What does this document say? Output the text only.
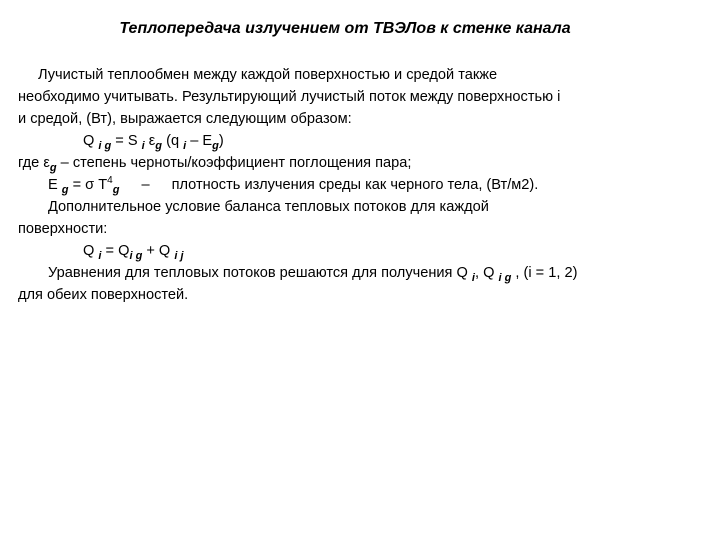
Теплопередача излучением от ТВЭЛов к стенке канала
Лучистый теплообмен между каждой поверхностью и средой также
необходимо учитывать. Результирующий лучистый поток между поверхностью i
и средой, (Вт), выражается следующим образом:
Q $_{i g}$ = S $_i$ $\varepsilon_g$ (q $_i - E_g$)
где $\varepsilon_g$ – степень черноты/коэффициент поглощения пара;
E $_g$ = σ $T^4_g$ – плотность излучения среды как черного тела, (Вт/м2).
Дополнительное условие баланса тепловых потоков для каждой
поверхности:
Q $_i = Q_{i g} + Q$ $_{i j}$
Уравнения для тепловых потоков решаются для получения Q $_i$, Q $_{i g}$ , (i = 1, 2)
для обеих поверхностей.
